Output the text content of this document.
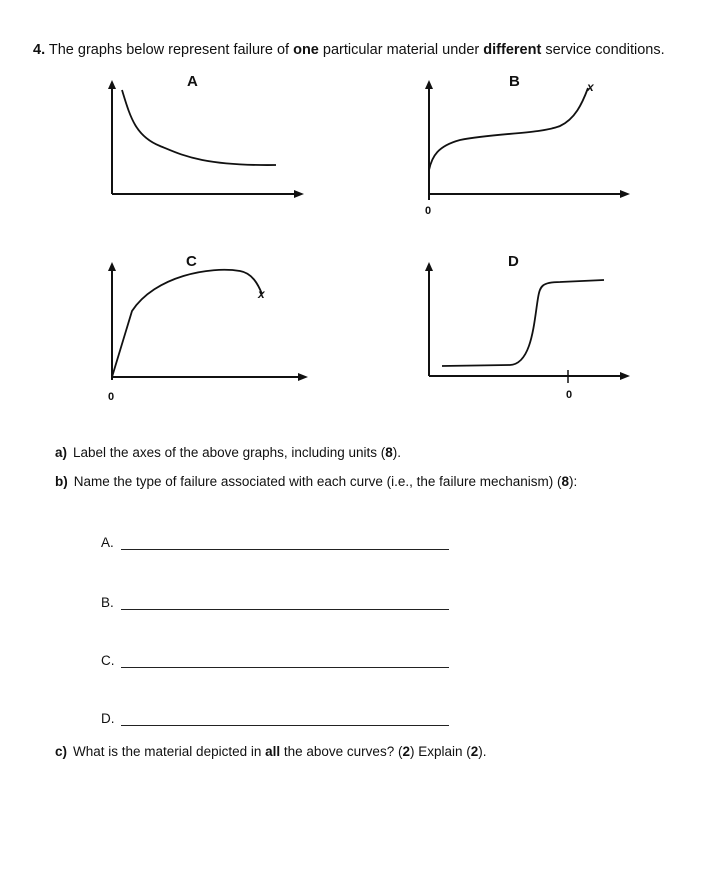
4. The graphs below represent failure of one particular material under different service conditions.
A	B	x
0
C
x
0
D
0
a) Label the axes of the above graphs, including units (8).
b) Name the type of failure associated with each curve (i.e., the failure mechanism) (8):
A.
B.
C.
D.
c) What is the material depicted in all the above curves? (2) Explain (2).
